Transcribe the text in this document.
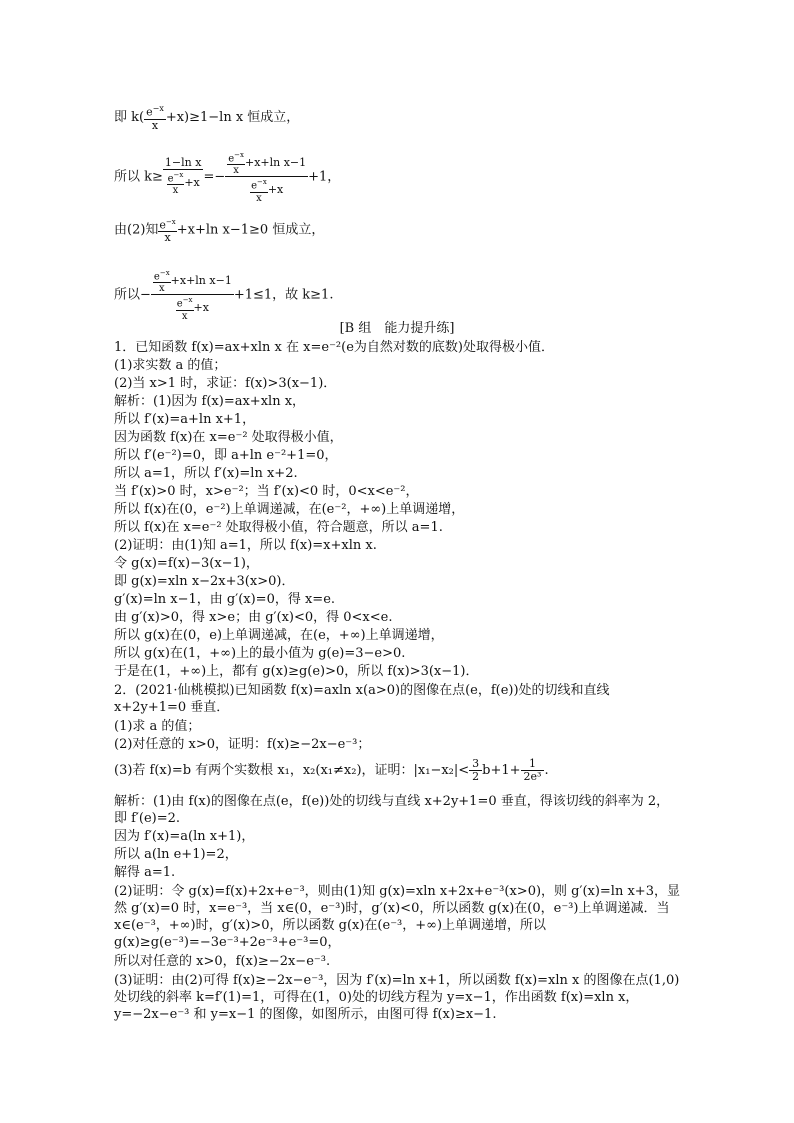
即 $k( \frac{e^{-x}}{x} +x)\ge 1-\ln$ x 恒成立，
所以 $k\ge \frac{\text{1−ln x}}{\frac{e^{-x}}{x} +x} =- \frac{\frac{e^{-x}}{x} +x+\ln x-1}{\frac{e^{-x}}{x} +x} +1$，
由(2)知 $\frac{e^{-x}}{x} +x+\ln$ x−1≥0 恒成立，
所以− $\frac{\frac{e^{-x}}{x} +x+\ln x-1}{\frac{e^{-x}}{x} +x} +1\le 1$，故 k≥1.
[B 组　能力提升练]
1．已知函数 f(x)=ax+xln x 在 x=e⁻²(e为自然对数的底数)处取得极小值．
(1)求实数 a 的值；
(2)当 x>1 时，求证：f(x)>3(x−1)．
解析：(1)因为 f(x)=ax+xln x，
所以 f′(x)=a+ln x+1，
因为函数 f(x)在 x=e⁻² 处取得极小值，
所以 f′(e⁻²)=0，即 a+ln e⁻²+1=0，
所以 a=1，所以 f′(x)=ln x+2.
当 f′(x)>0 时，x>e⁻²；当 f′(x)<0 时，0<x<e⁻²，
所以 f(x)在(0，e⁻²)上单调递减，在(e⁻²，+∞)上单调递增，
所以 f(x)在 x=e⁻² 处取得极小值，符合题意，所以 a=1.
(2)证明：由(1)知 a=1，所以 f(x)=x+xln x.
令 g(x)=f(x)−3(x−1)，
即 g(x)=xln x−2x+3(x>0)．
g′(x)=ln x−1，由 g′(x)=0，得 x=e.
由 g′(x)>0，得 x>e；由 g′(x)<0，得 0<x<e.
所以 g(x)在(0，e)上单调递减，在(e，+∞)上单调递增，
所以 g(x)在(1，+∞)上的最小值为 g(e)=3−e>0.
于是在(1，+∞)上，都有 g(x)≥g(e)>0，所以 f(x)>3(x−1)．
2．(2021·仙桃模拟)已知函数 f(x)=axln x(a>0)的图像在点(e，f(e))处的切线和直线 x+2y+1=0 垂直．
(1)求 a 的值；
(2)对任意的 x>0，证明：f(x)≥−2x−e⁻³；
(3)若 f(x)=b 有两个实数根 x₁，x₂(x₁≠x₂)，证明：$|x_1-x_2|< \frac{3}{2} b+1+ \frac{1}{\text{2e³}}$ .
解析：(1)由 f(x)的图像在点(e，f(e))处的切线与直线 x+2y+1=0 垂直，得该切线的斜率为 2，即 f′(e)=2.
因为 f′(x)=a(ln x+1)，
所以 a(ln e+1)=2，
解得 a=1.
(2)证明：令 g(x)=f(x)+2x+e⁻³，则由(1)知 g(x)=xln x+2x+e⁻³(x>0)，则 g′(x)=ln x+3，显然 g′(x)=0 时，x=e⁻³，当 x∈(0，e⁻³)时，g′(x)<0，所以函数 g(x)在(0，e⁻³)上单调递减．当 x∈(e⁻³，+∞)时，g′(x)>0，所以函数 g(x)在(e⁻³，+∞)上单调递增，所以 g(x)≥g(e⁻³)=−3e⁻³+2e⁻³+e⁻³=0，
所以对任意的 x>0，f(x)≥−2x−e⁻³.
(3)证明：由(2)可得 f(x)≥−2x−e⁻³，因为 f′(x)=ln x+1，所以函数 f(x)=xln x 的图像在点(1,0)处切线的斜率 k=f′(1)=1，可得在(1，0)处的切线方程为 y=x−1，作出函数 f(x)=xln x，y=−2x−e⁻³ 和 y=x−1 的图像，如图所示，由图可得 f(x)≥x−1.
